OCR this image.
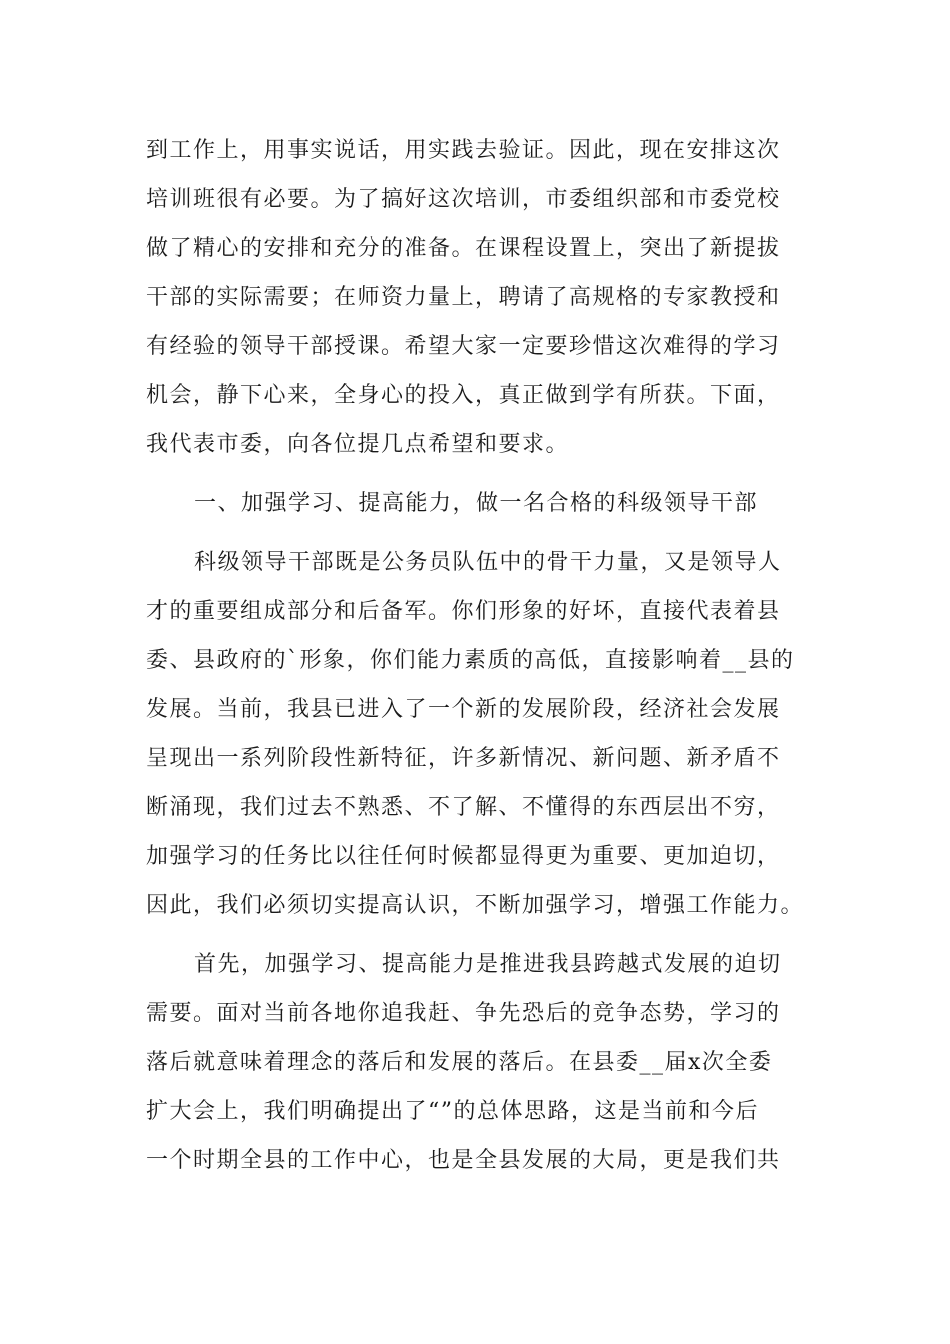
到工作上，用事实说话，用实践去验证。因此，现在安排这次
培训班很有必要。为了搞好这次培训，市委组织部和市委党校
做了精心的安排和充分的准备。在课程设置上，突出了新提拔
干部的实际需要；在师资力量上，聘请了高规格的专家教授和
有经验的领导干部授课。希望大家一定要珍惜这次难得的学习
机会，静下心来，全身心的投入，真正做到学有所获。下面，
我代表市委，向各位提几点希望和要求。
一、加强学习、提高能力，做一名合格的科级领导干部
科级领导干部既是公务员队伍中的骨干力量，又是领导人
才的重要组成部分和后备军。你们形象的好坏，直接代表着县
委、县政府的`形象，你们能力素质的高低，直接影响着__县的
发展。当前，我县已进入了一个新的发展阶段，经济社会发展
呈现出一系列阶段性新特征，许多新情况、新问题、新矛盾不
断涌现，我们过去不熟悉、不了解、不懂得的东西层出不穷，
加强学习的任务比以往任何时候都显得更为重要、更加迫切，
因此，我们必须切实提高认识，不断加强学习，增强工作能力。
首先，加强学习、提高能力是推进我县跨越式发展的迫切
需要。面对当前各地你追我赶、争先恐后的竞争态势，学习的
落后就意味着理念的落后和发展的落后。在县委__届x次全委
扩大会上，我们明确提出了“”的总体思路，这是当前和今后
一个时期全县的工作中心，也是全县发展的大局，更是我们共
